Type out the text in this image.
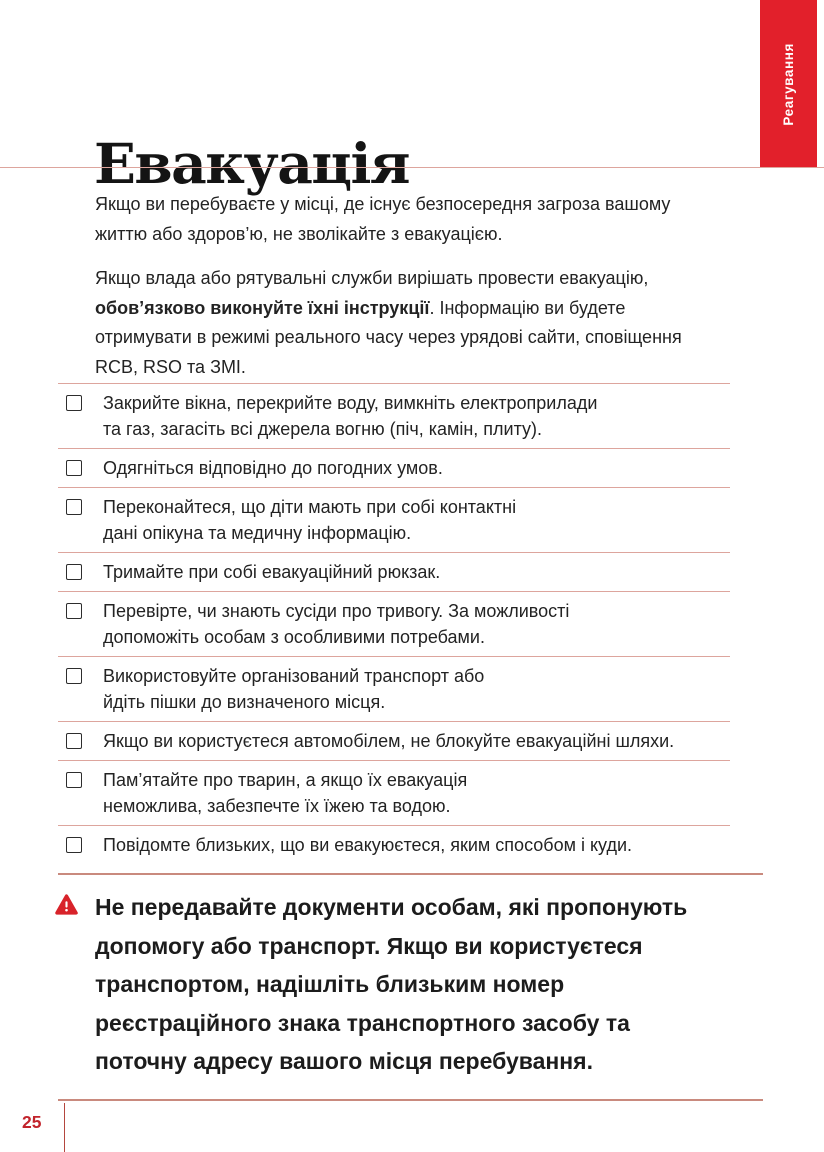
Реагування
Евакуація
Якщо ви перебуваєте у місці, де існує безпосередня загроза вашому
життю або здоров’ю, не зволікайте з евакуацією.
Якщо влада або рятувальні служби вирішать провести евакуацію,
обов’язково виконуйте їхні інструкції. Інформацію ви будете
отримувати в режимі реального часу через урядові сайти, сповіщення
RCB, RSO та ЗМІ.
Закрийте вікна, перекрийте воду, вимкніть електроприлади
та газ, загасіть всі джерела вогню (піч, камін, плиту).
Одягніться відповідно до погодних умов.
Переконайтеся, що діти мають при собі контактні
дані опікуна та медичну інформацію.
Тримайте при собі евакуаційний рюкзак.
Перевірте, чи знають сусіди про тривогу. За можливості
допоможіть особам з особливими потребами.
Використовуйте організований транспорт або
йдіть пішки до визначеного місця.
Якщо ви користуєтеся автомобілем, не блокуйте евакуаційні шляхи.
Пам’ятайте про тварин, а якщо їх евакуація
неможлива, забезпечте їх їжею та водою.
Повідомте близьких, що ви евакуюєтеся, яким способом і куди.
Не передавайте документи особам, які пропонують
допомогу або транспорт. Якщо ви користуєтеся
транспортом, надішліть близьким номер
реєстраційного знака транспортного засобу та
поточну адресу вашого місця перебування.
25
